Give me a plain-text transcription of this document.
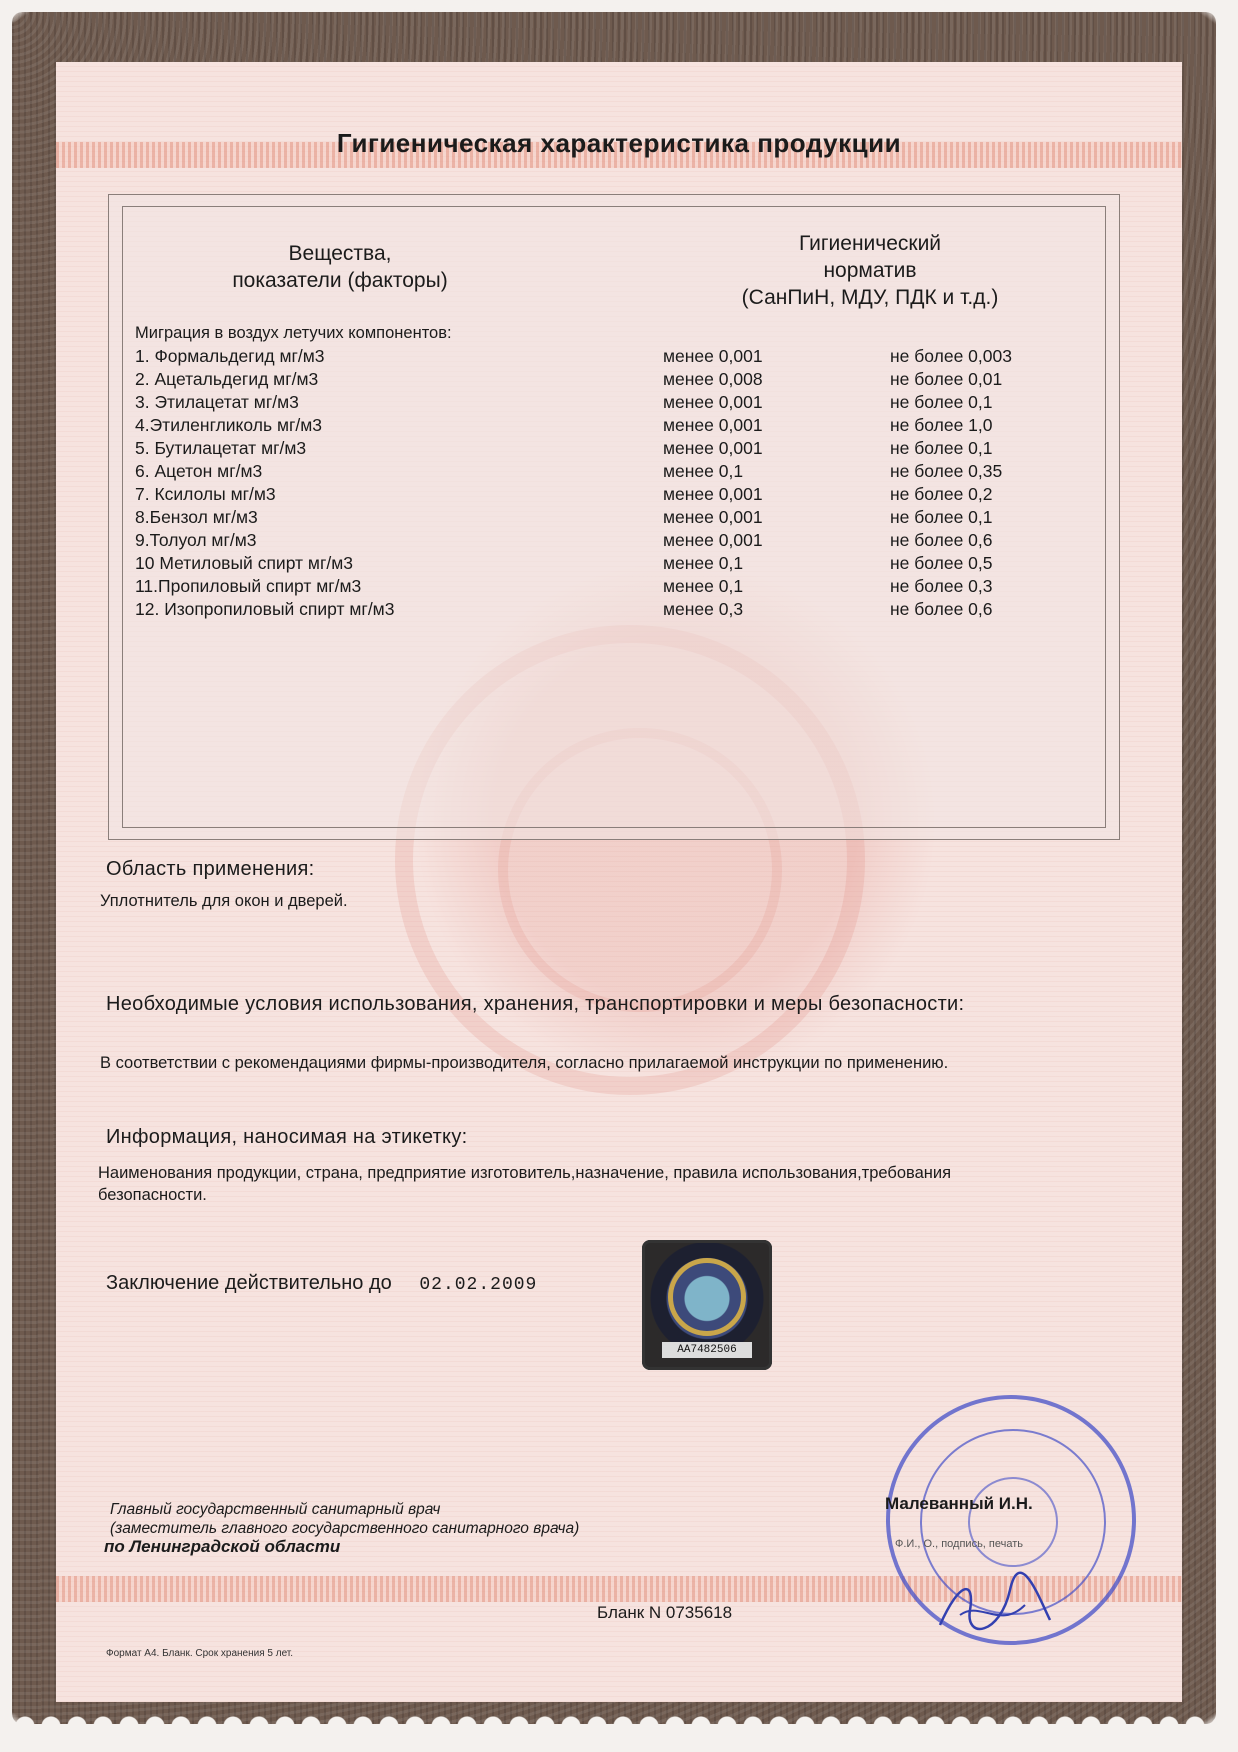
Гигиеническая характеристика продукции
Вещества,
показатели (факторы)
Гигиенический
норматив
(СанПиН, МДУ, ПДК и т.д.)
Миграция в воздух летучих компонентов:
1. Формальдегид мг/м3	менее 0,001	не более 0,003
2. Ацетальдегид мг/м3	менее 0,008	не более 0,01
3. Этилацетат мг/м3	менее 0,001	не более 0,1
4.Этиленгликоль мг/м3	менее 0,001	не более 1,0
5. Бутилацетат мг/м3	менее 0,001	не более 0,1
6. Ацетон мг/м3	менее 0,1	не более 0,35
7. Ксилолы мг/м3	менее 0,001	не более 0,2
8.Бензол мг/м3	менее 0,001	не более 0,1
9.Толуол мг/м3	менее 0,001	не более 0,6
10 Метиловый спирт мг/м3	менее 0,1	не более 0,5
11.Пропиловый спирт мг/м3	менее 0,1	не более 0,3
12. Изопропиловый спирт мг/м3	менее 0,3	не более 0,6
Область применения:
Уплотнитель для окон и дверей.
Необходимые условия использования, хранения, транспортировки и меры безопасности:
В соответствии с рекомендациями фирмы-производителя, согласно прилагаемой инструкции по применению.
Информация, наносимая на этикетку:
Наименования продукции, страна, предприятие изготовитель,назначение, правила использования,требования безопасности.
Заключение действительно до 02.02.2009
АА7482506
Главный государственный санитарный врач
(заместитель главного государственного санитарного врача)
по Ленинградской области
Малеванный И.Н.
Ф.И., О., подпись, печать
Бланк N 0735618
Формат А4. Бланк. Срок хранения 5 лет.
